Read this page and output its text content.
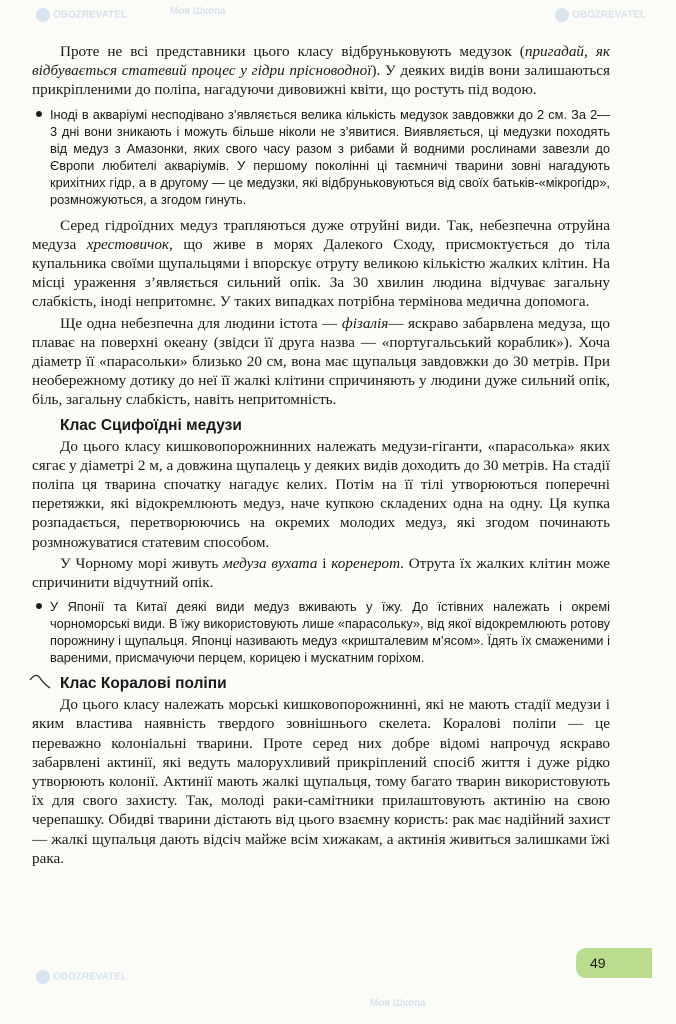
OBOZREVATEL	Моя Школа	OBOZREVATEL
OBOZREVATEL
Моя Школа

Проте не всі представники цього класу відбруньковують медузок (пригадай, як відбувається статевий процес у гідри прісноводної). У деяких видів вони залишаються прикріпленими до поліпа, нагадуючи дивовижні квіти, що ростуть під водою.

Іноді в акваріумі несподівано з’являється велика кількість медузок завдовжки до 2 см. За 2—3 дні вони зникають і можуть більше ніколи не з’явитися. Виявляється, ці медузки походять від медуз з Амазонки, яких свого часу разом з рибами й водними рослинами завезли до Європи любителі акваріумів. У першому поколінні ці таємничі тварини зовні нагадують крихітних гідр, а в другому — це медузки, які відбруньковуються від своїх батьків-«мікрогідр», розмножуються, а згодом гинуть.

Серед гідроїдних медуз трапляються дуже отруйні види. Так, небезпечна отруйна медуза хрестовичок, що живе в морях Далекого Сходу, присмоктується до тіла купальника своїми щупальцями і впорскує отруту великою кількістю жалких клітин. На місці ураження з’являється сильний опік. За 30 хвилин людина відчуває загальну слабкість, іноді непритомнє. У таких випадках потрібна термінова медична допомога.

Ще одна небезпечна для людини істота — фізалія— яскраво забарвлена медуза, що плаває на поверхні океану (звідси її друга назва — «португальський кораблик»). Хоча діаметр її «парасольки» близько 20 см, вона має щупальця завдовжки до 30 метрів. При необережному дотику до неї її жалкі клітини спричиняють у людини дуже сильний опік, біль, загальну слабкість, навіть непритомність.

Клас Сцифоїдні медузи

До цього класу кишковопорожнинних належать медузи-гіганти, «парасолька» яких сягає у діаметрі 2 м, а довжина щупалець у деяких видів доходить до 30 метрів. На стадії поліпа ця тварина спочатку нагадує келих. Потім на її тілі утворюються поперечні перетяжки, які відокремлюють медуз, наче купкою складених одна на одну. Ця купка розпадається, перетворюючись на окремих молодих медуз, які згодом починають розмножуватися статевим способом.

У Чорному морі живуть медуза вухата і коренерот. Отрута їх жалких клітин може спричинити відчутний опік.

У Японії та Китаї деякі види медуз вживають у їжу. До їстівних належать і окремі чорноморські види. В їжу використовують лише «парасольку», від якої відокремлюють ротову порожнину і щупальця. Японці називають медуз «кришталевим м’ясом». Їдять їх смаженими і вареними, присмачуючи перцем, корицею і мускатним горіхом.
Клас Коралові поліпи

До цього класу належать морські кишковопорожнинні, які не мають стадії медузи і яким властива наявність твердого зовнішнього скелета. Коралові поліпи — це переважно колоніальні тварини. Проте серед них добре відомі напрочуд яскраво забарвлені актинії, які ведуть малорухливий прикріплений спосіб життя і дуже рідко утворюють колонії. Актинії мають жалкі щупальця, тому багато тварин використовують їх для свого захисту. Так, молоді раки-самітники прилаштовують актинію на свою черепашку. Обидві тварини дістають від цього взаємну користь: рак має надійний захист — жалкі щупальця дають відсіч майже всім хижакам, а актинія живиться залишками їжі рака.

49
